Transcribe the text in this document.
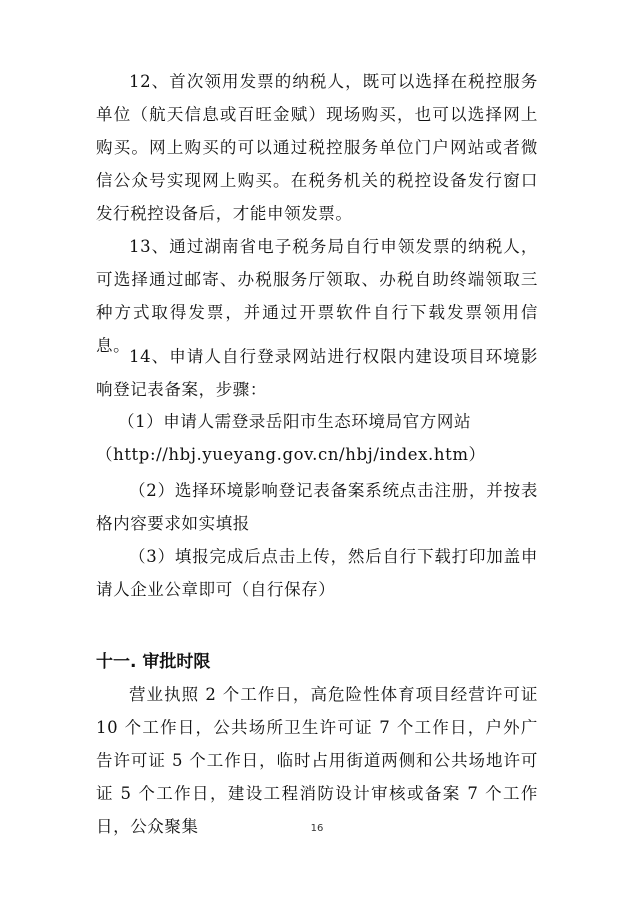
12、首次领用发票的纳税人，既可以选择在税控服务单位（航天信息或百旺金赋）现场购买，也可以选择网上购买。网上购买的可以通过税控服务单位门户网站或者微信公众号实现网上购买。在税务机关的税控设备发行窗口发行税控设备后，才能申领发票。

13、通过湖南省电子税务局自行申领发票的纳税人，可选择通过邮寄、办税服务厅领取、办税自助终端领取三种方式取得发票，并通过开票软件自行下载发票领用信息。

14、申请人自行登录网站进行权限内建设项目环境影响登记表备案，步骤：

（1）申请人需登录岳阳市生态环境局官方网站
（http://hbj.yueyang.gov.cn/hbj/index.htm）

（2）选择环境影响登记表备案系统点击注册，并按表格内容要求如实填报

（3）填报完成后点击上传，然后自行下载打印加盖申请人企业公章即可（自行保存）

十一. 审批时限

营业执照 2 个工作日，高危险性体育项目经营许可证 10 个工作日，公共场所卫生许可证 7 个工作日，户外广告许可证 5 个工作日，临时占用街道两侧和公共场地许可证 5 个工作日，建设工程消防设计审核或备案 7 个工作日，公众聚集	16
